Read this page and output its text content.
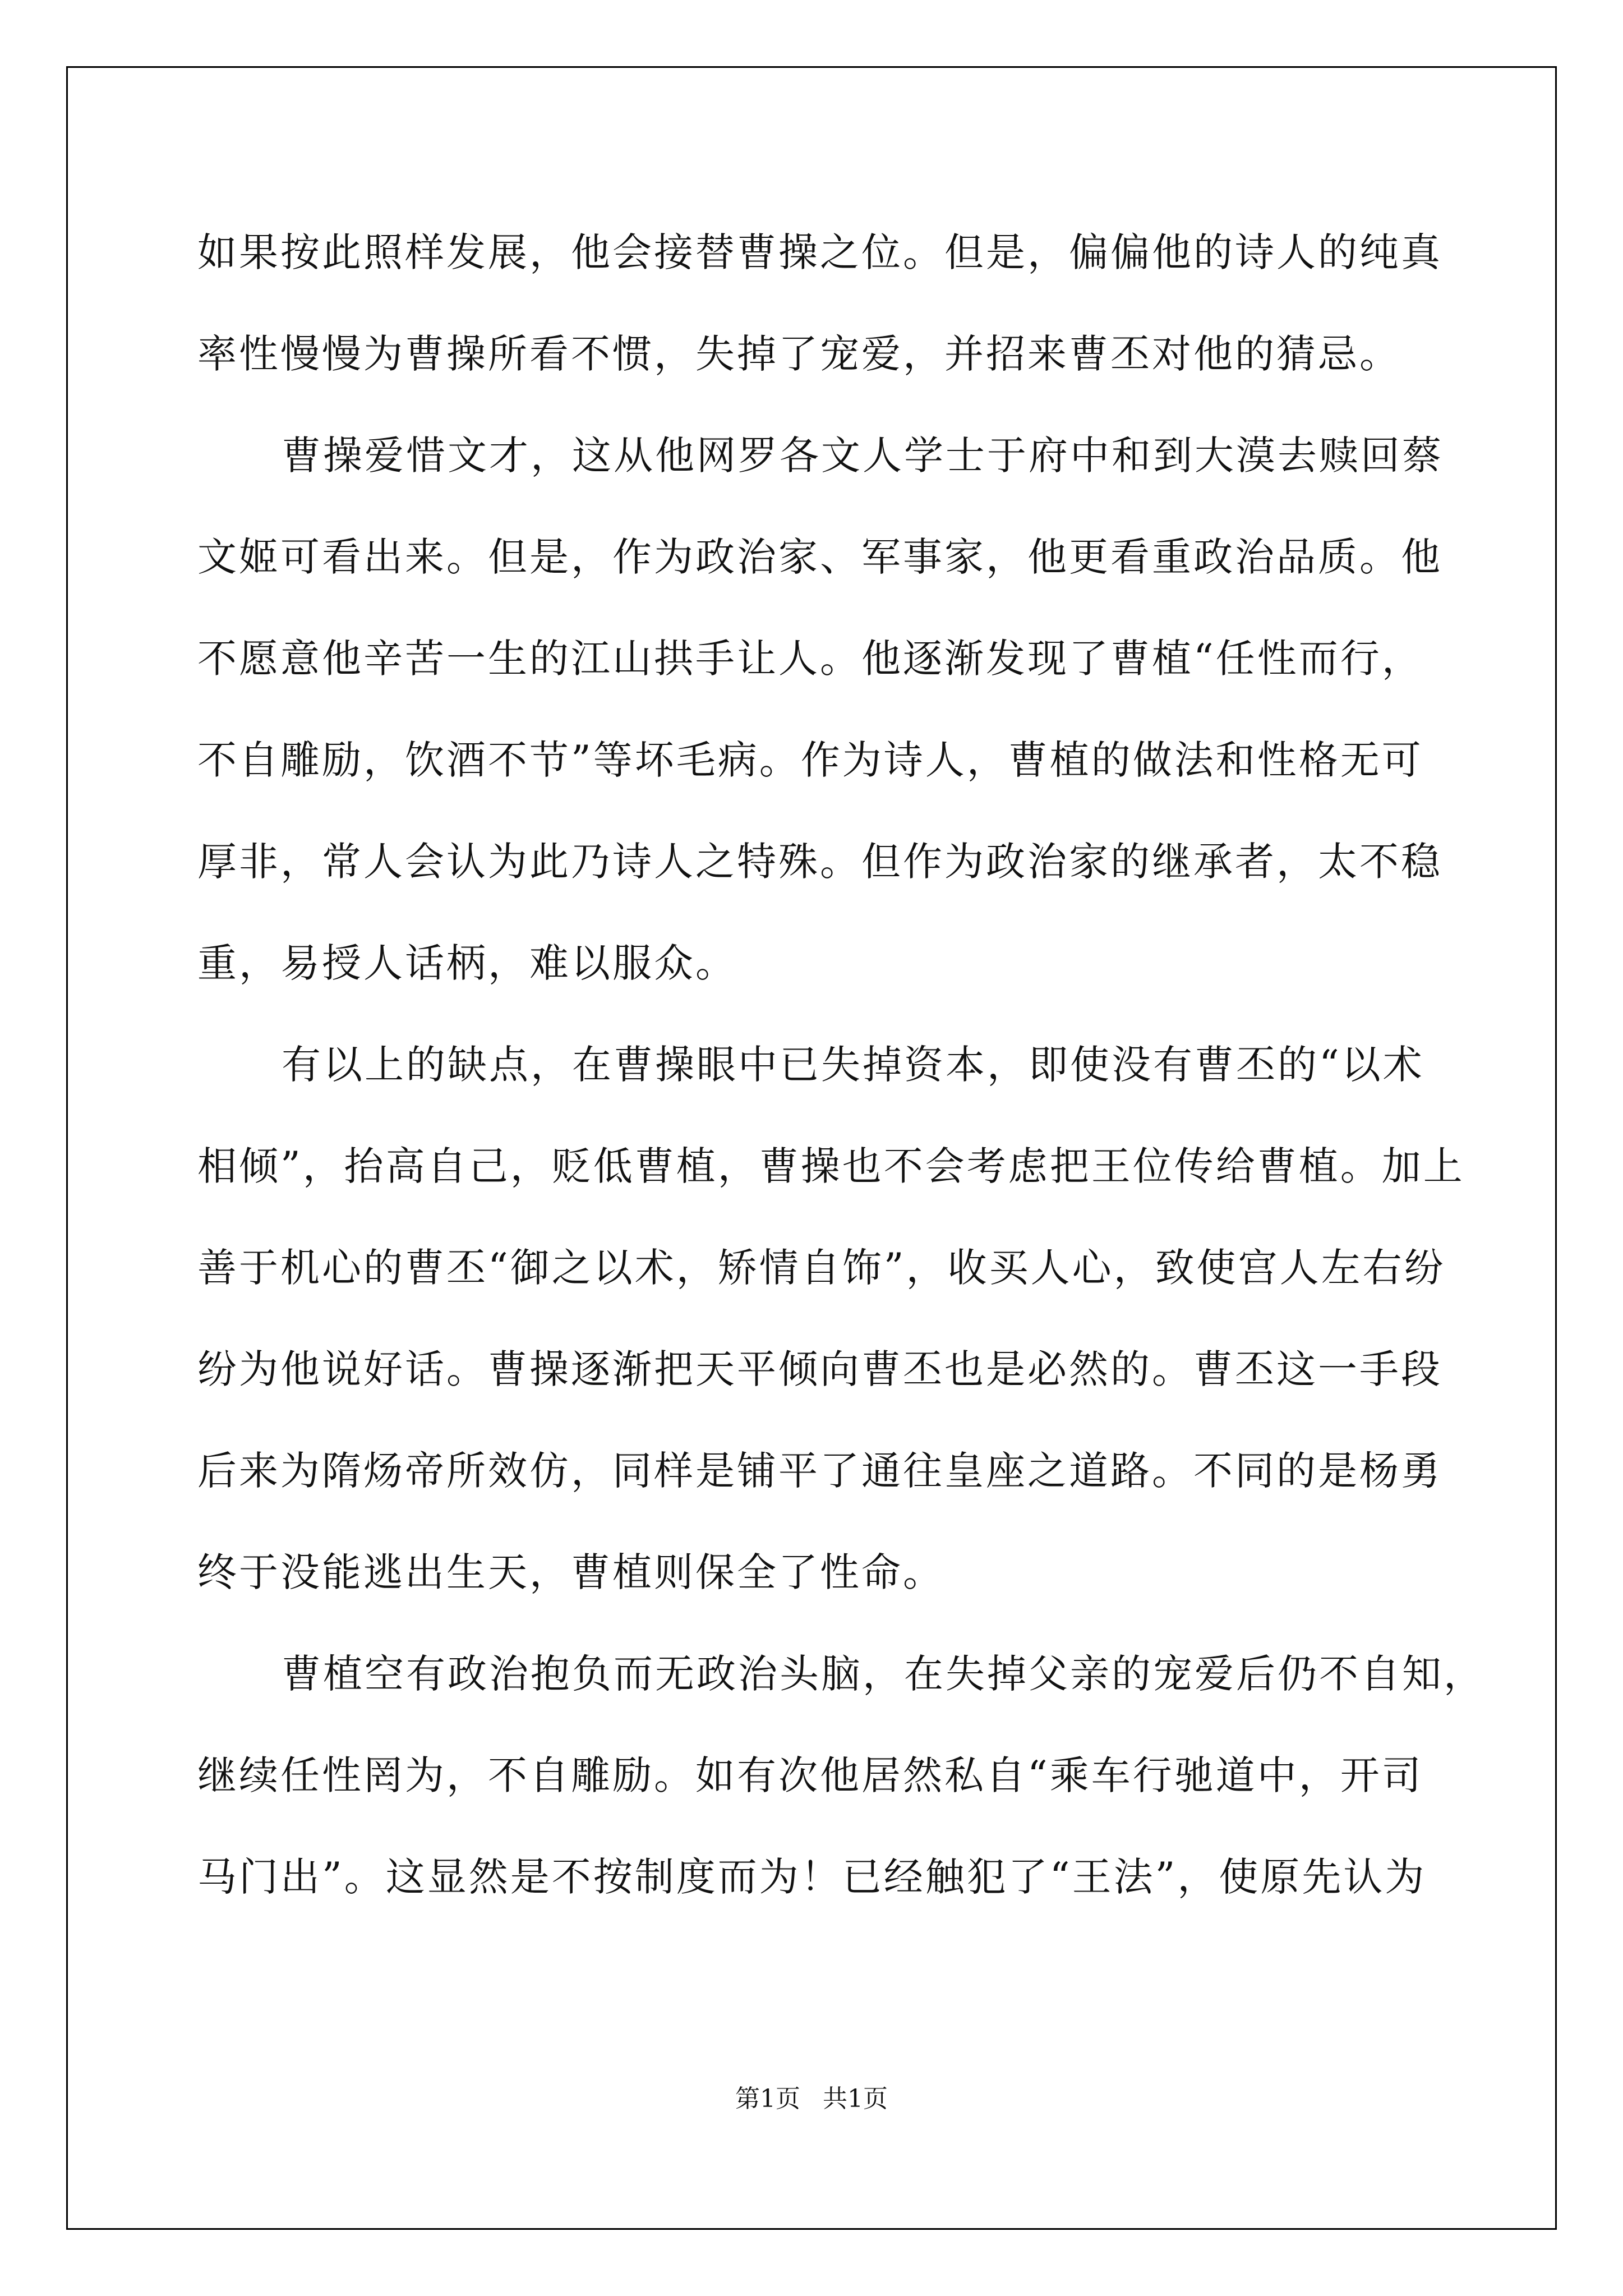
如果按此照样发展，他会接替曹操之位。但是，偏偏他的诗人的纯真
率性慢慢为曹操所看不惯，失掉了宠爱，并招来曹丕对他的猜忌。

曹操爱惜文才，这从他网罗各文人学士于府中和到大漠去赎回蔡
文姬可看出来。但是，作为政治家、军事家，他更看重政治品质。他
不愿意他辛苦一生的江山拱手让人。他逐渐发现了曹植“任性而行，
不自雕励，饮酒不节”等坏毛病。作为诗人，曹植的做法和性格无可
厚非，常人会认为此乃诗人之特殊。但作为政治家的继承者，太不稳
重，易授人话柄，难以服众。

有以上的缺点，在曹操眼中已失掉资本，即使没有曹丕的“以术
相倾”，抬高自己，贬低曹植，曹操也不会考虑把王位传给曹植。加上
善于机心的曹丕“御之以术，矫情自饰”，收买人心，致使宫人左右纷
纷为他说好话。曹操逐渐把天平倾向曹丕也是必然的。曹丕这一手段
后来为隋炀帝所效仿，同样是铺平了通往皇座之道路。不同的是杨勇
终于没能逃出生天，曹植则保全了性命。

曹植空有政治抱负而无政治头脑，在失掉父亲的宠爱后仍不自知，
继续任性罔为，不自雕励。如有次他居然私自“乘车行驰道中，开司
马门出”。这显然是不按制度而为！已经触犯了“王法”，使原先认为

第1页 共1页
